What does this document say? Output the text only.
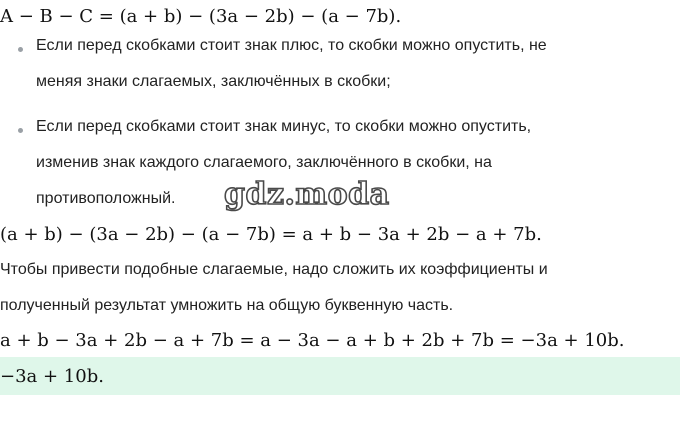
A − B − C = (a + b) − (3a − 2b) − (a − 7b).
Если перед скобками стоит знак плюс, то скобки можно опустить, не
меняя знаки слагаемых, заключённых в скобки;
Если перед скобками стоит знак минус, то скобки можно опустить,
изменив знак каждого слагаемого, заключённого в скобки, на
противоположный. gdz.moda
(a + b) − (3a − 2b) − (a − 7b) = a + b − 3a + 2b − a + 7b.
Чтобы привести подобные слагаемые, надо сложить их коэффициенты и
полученный результат умножить на общую буквенную часть.
a + b − 3a + 2b − a + 7b = a − 3a − a + b + 2b + 7b = −3a + 10b.
−3a + 10b.
